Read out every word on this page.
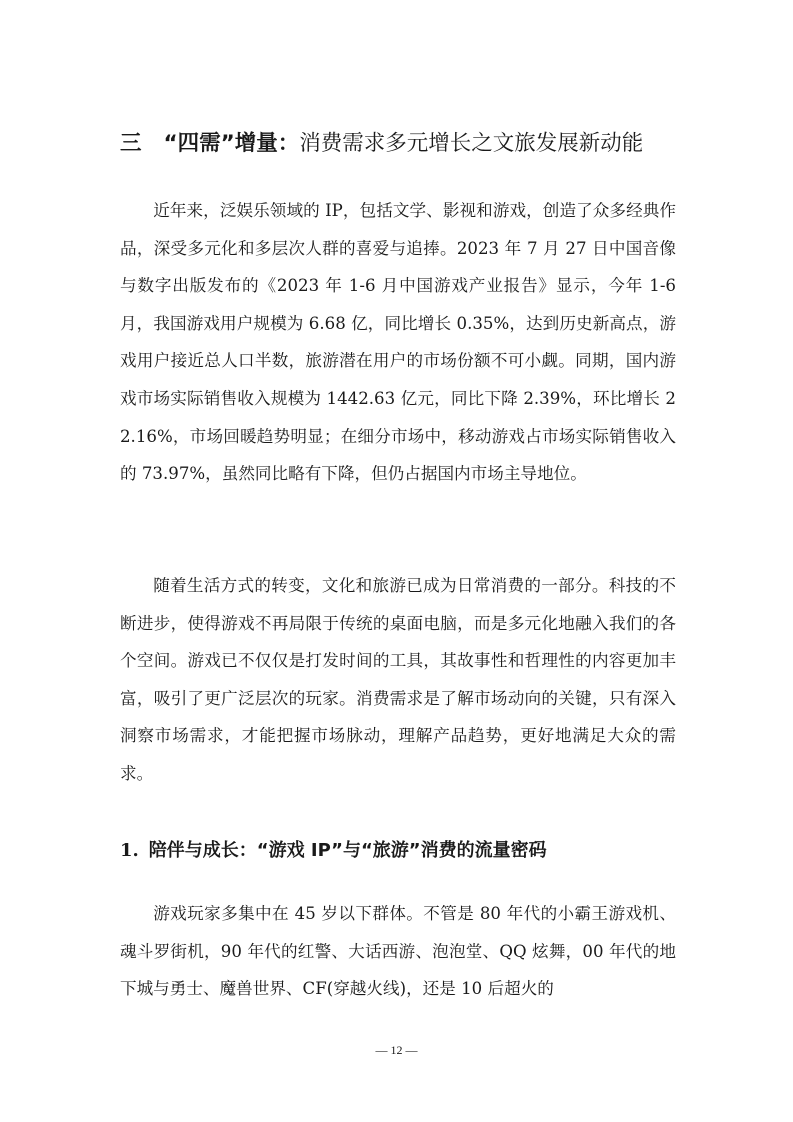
三 “四需”增量：消费需求多元增长之文旅发展新动能

近年来，泛娱乐领域的 IP，包括文学、影视和游戏，创造了众多经典作品，深受多元化和多层次人群的喜爱与追捧。2023 年 7 月 27 日中国音像与数字出版发布的《2023 年 1-6 月中国游戏产业报告》显示，今年 1-6 月，我国游戏用户规模为 6.68 亿，同比增长 0.35%，达到历史新高点，游戏用户接近总人口半数，旅游潜在用户的市场份额不可小觑。同期，国内游戏市场实际销售收入规模为 1442.63 亿元，同比下降 2.39%，环比增长 22.16%，市场回暖趋势明显；在细分市场中，移动游戏占市场实际销售收入的 73.97%，虽然同比略有下降，但仍占据国内市场主导地位。

随着生活方式的转变，文化和旅游已成为日常消费的一部分。科技的不断进步，使得游戏不再局限于传统的桌面电脑，而是多元化地融入我们的各个空间。游戏已不仅仅是打发时间的工具，其故事性和哲理性的内容更加丰富，吸引了更广泛层次的玩家。消费需求是了解市场动向的关键，只有深入洞察市场需求，才能把握市场脉动，理解产品趋势，更好地满足大众的需求。

1. 陪伴与成长：“游戏 IP”与“旅游”消费的流量密码

游戏玩家多集中在 45 岁以下群体。不管是 80 年代的小霸王游戏机、魂斗罗街机，90 年代的红警、大话西游、泡泡堂、QQ 炫舞，00 年代的地下城与勇士、魔兽世界、CF(穿越火线)，还是 10 后超火的

— 12 —
